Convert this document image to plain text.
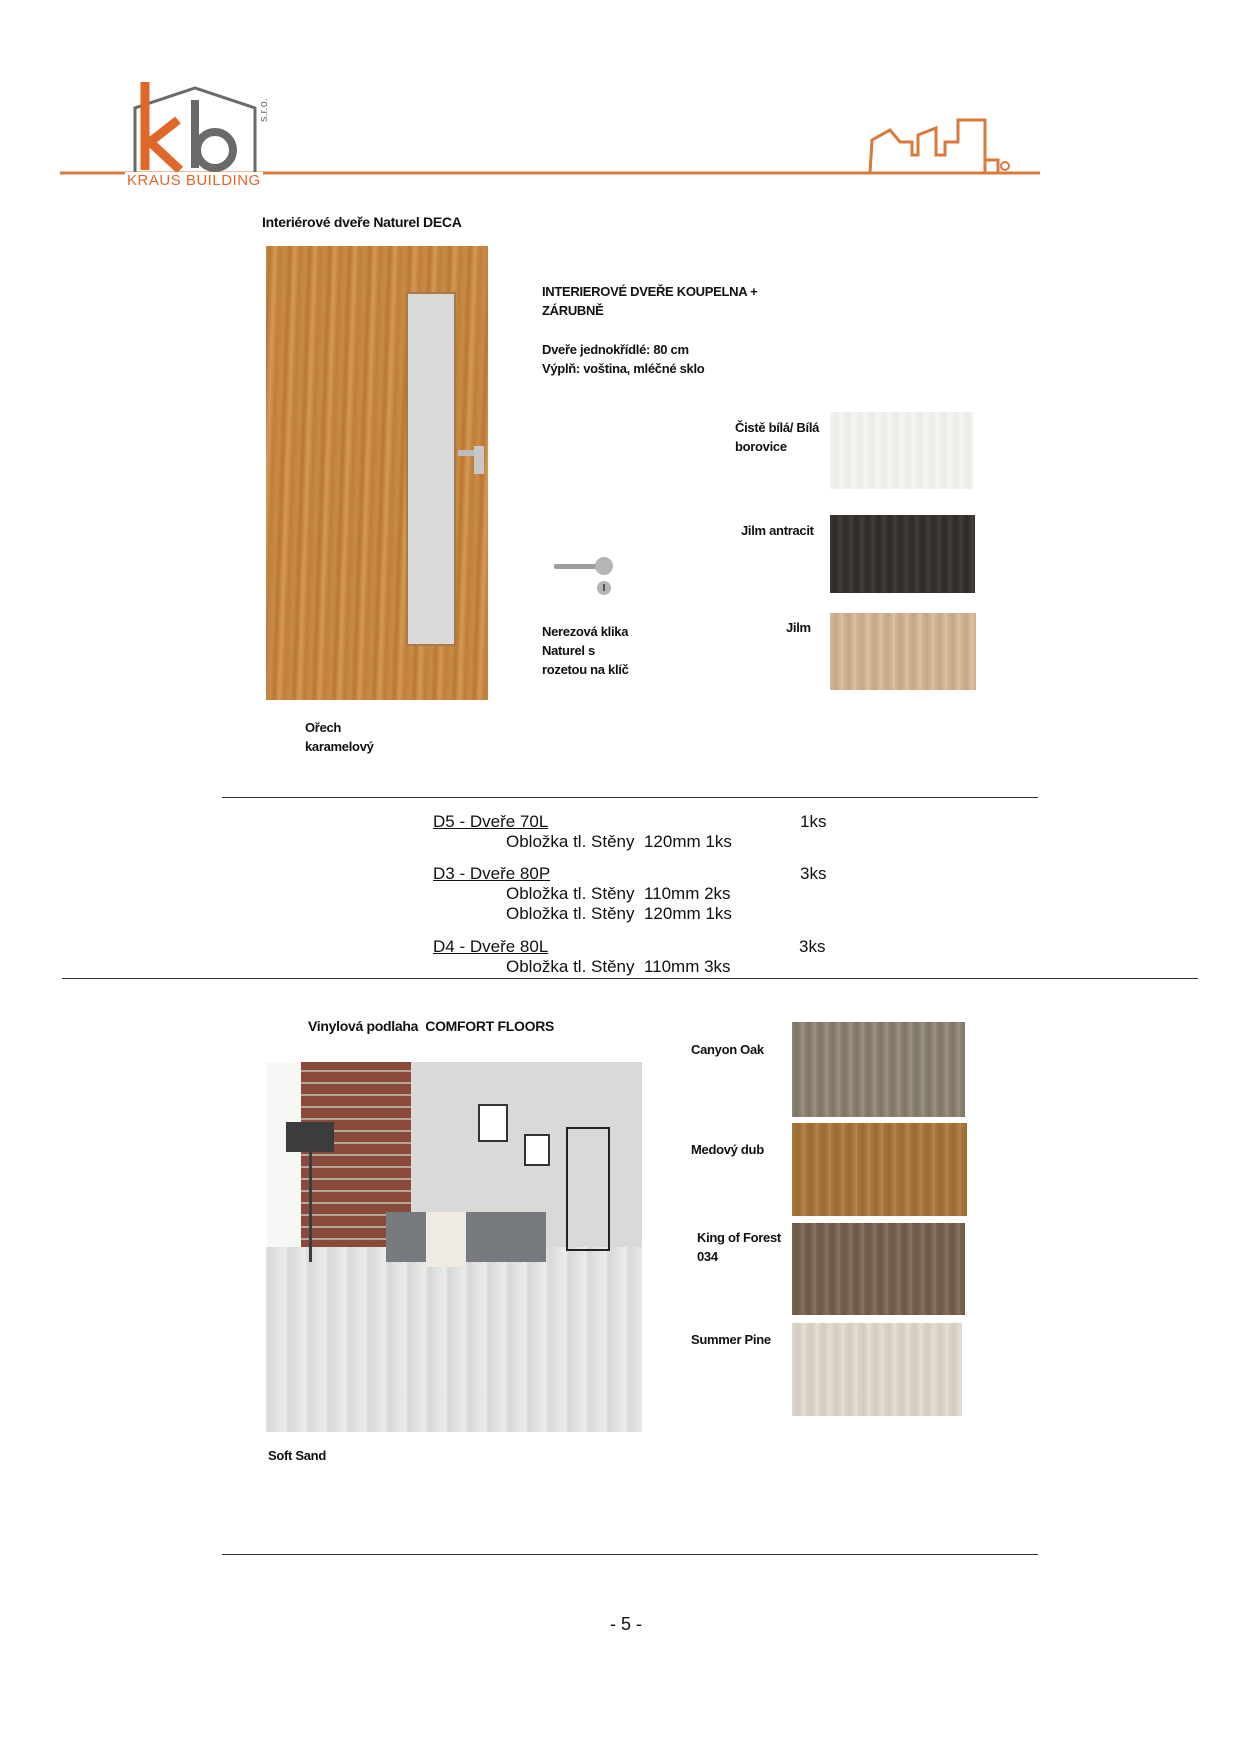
s.r.o.
KRAUS BUILDING
Interiérové dveře Naturel DECA
Ořech karamelový
INTERIEROVÉ DVEŘE KOUPELNA + ZÁRUBNĚ
Dveře jednokřídlé: 80 cm
Výplň: voština, mléčné sklo
Nerezová klika Naturel s rozetou na klíč
Čistě bílá/ Bílá borovice
Jilm antracit
Jilm
D5 - Dveře 70L	1ks
Obložka tl. Stěny  120mm 1ks
D3 - Dveře 80P	3ks
Obložka tl. Stěny  110mm 2ks
Obložka tl. Stěny  120mm 1ks
D4 - Dveře 80L	3ks
Obložka tl. Stěny  110mm 3ks
Vinylová podlaha  COMFORT FLOORS
Soft Sand
Canyon Oak
Medový dub
King of Forest 034
Summer Pine
- 5 -
